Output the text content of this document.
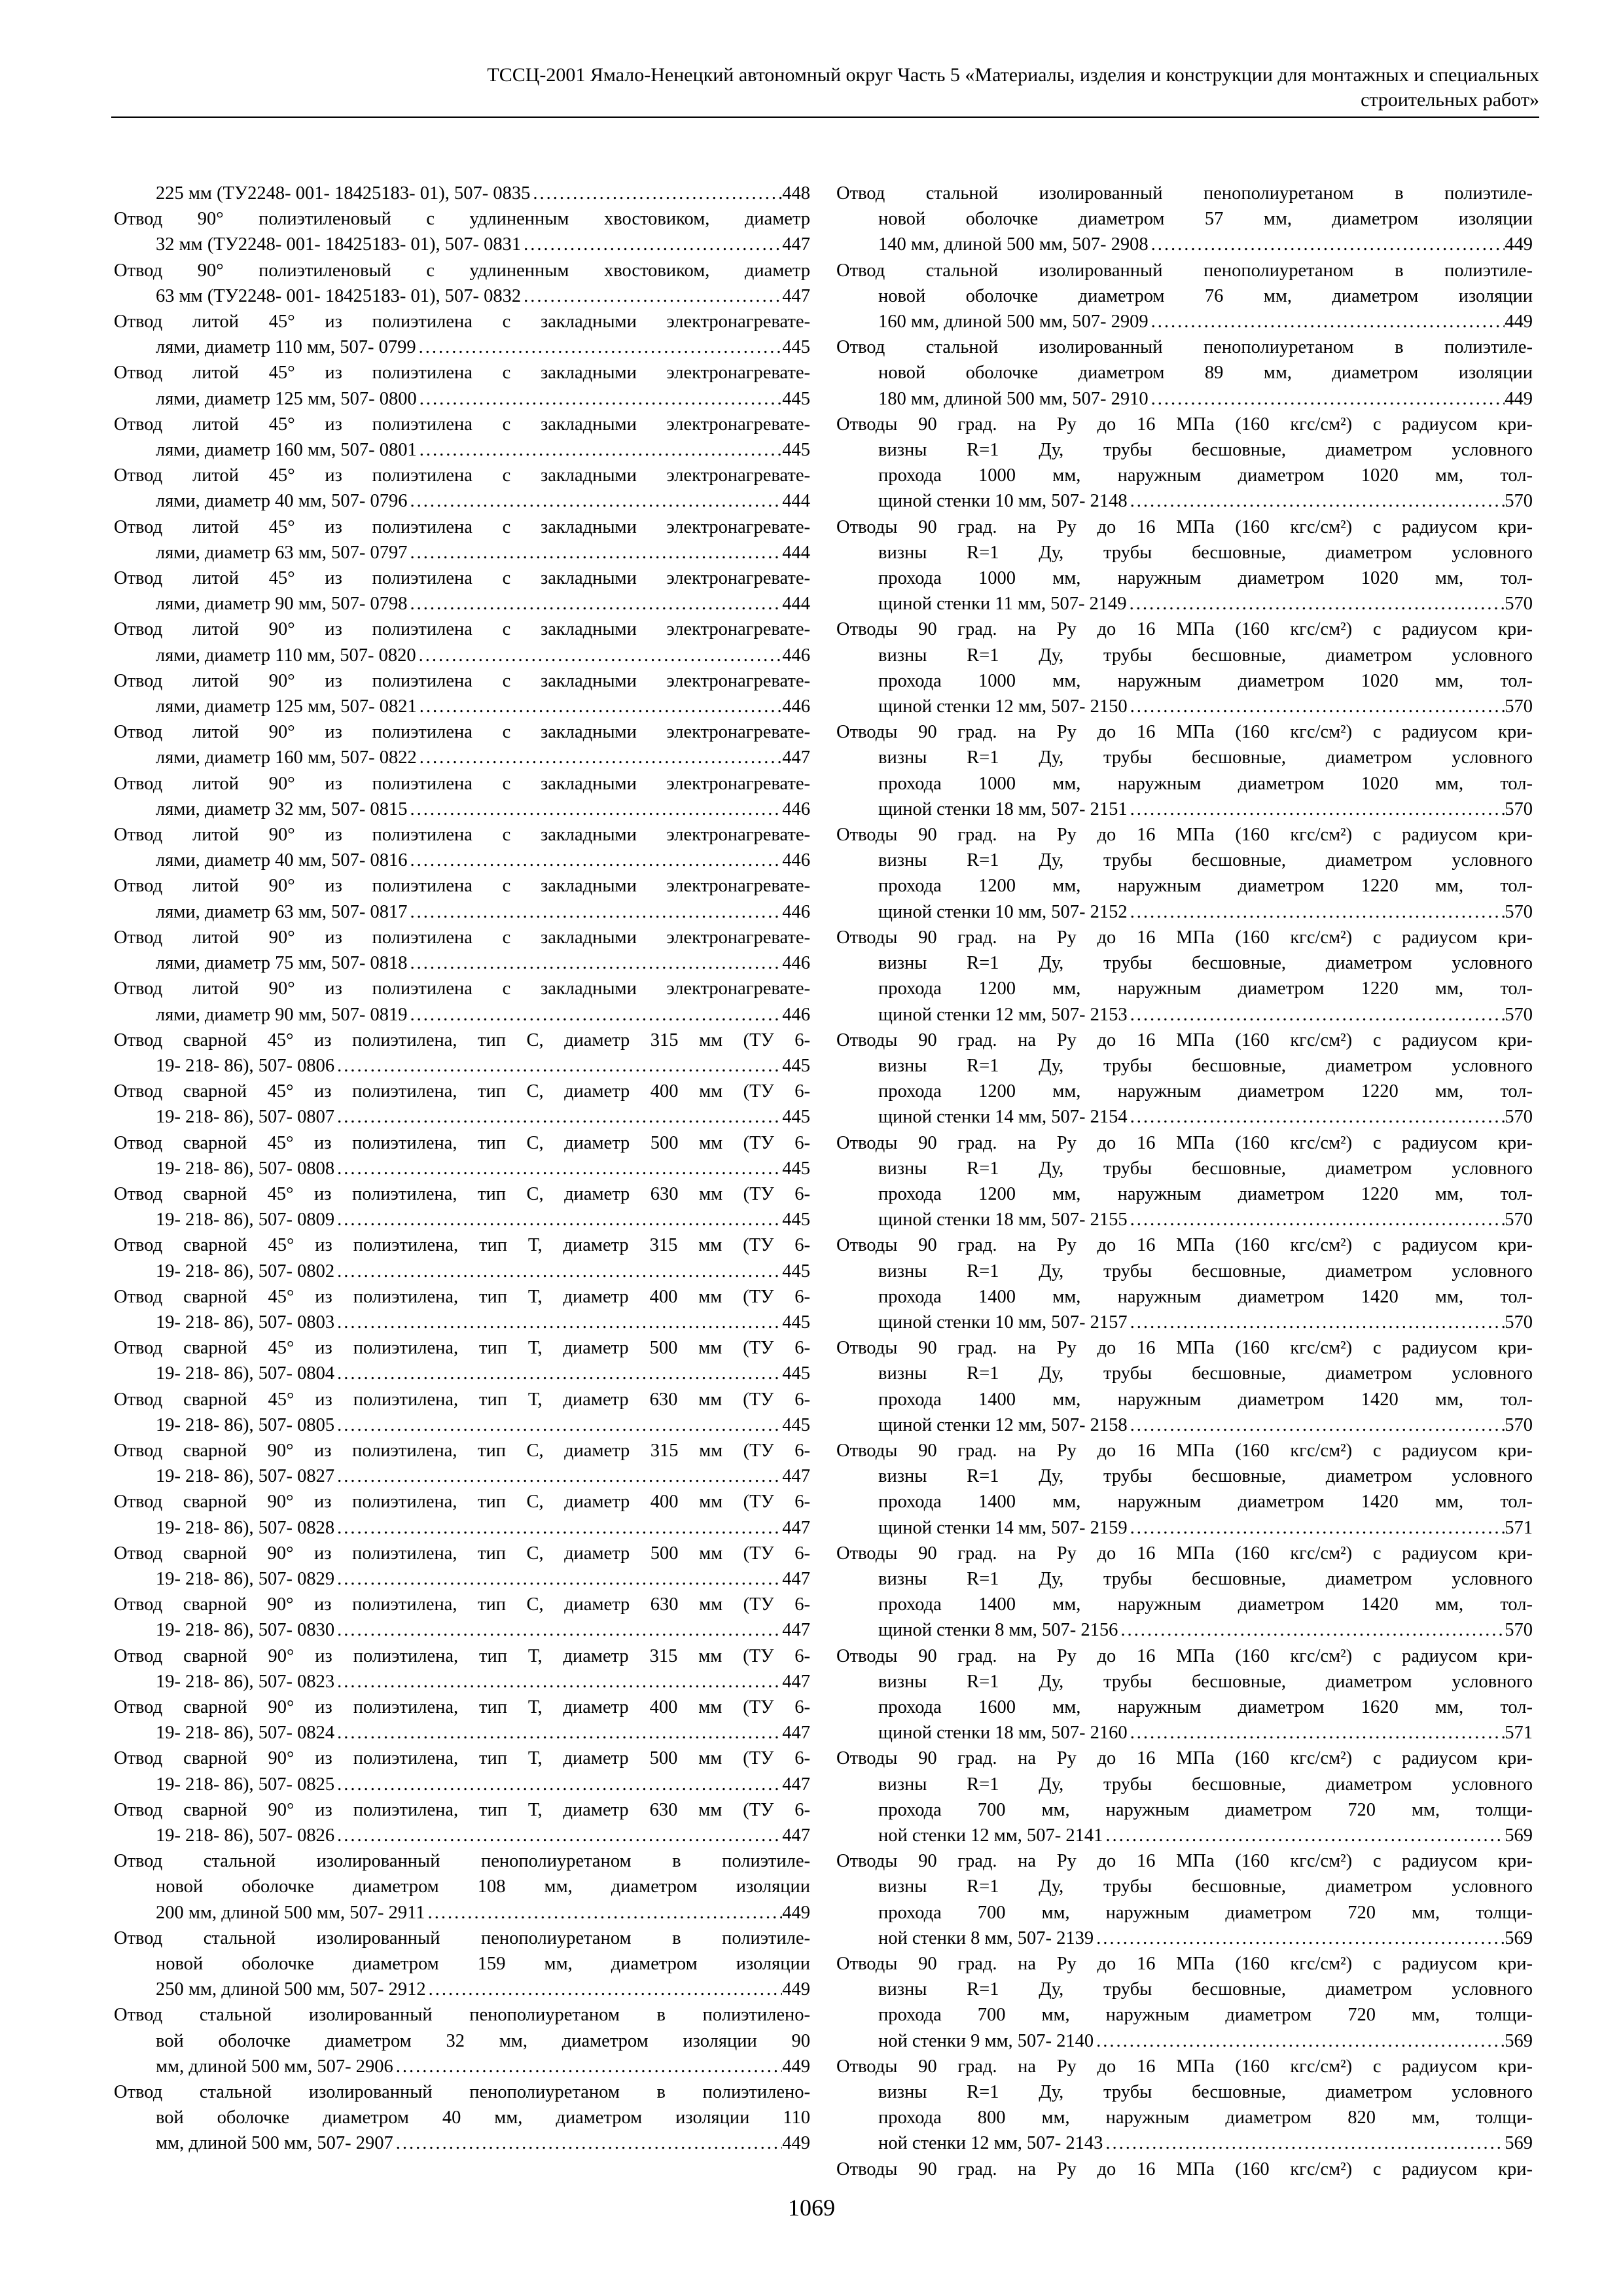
ТССЦ-2001 Ямало-Ненецкий автономный округ Часть 5 «Материалы, изделия и конструкции для монтажных и специальных
строительных работ»
225 мм (ТУ2248- 001- 18425183- 01), 507- 0835 .....	448
Отвод 90° полиэтиленовый с удлиненным хвостовиком, диаметр
32 мм (ТУ2248- 001- 18425183- 01), 507- 0831 .....	447
Отвод 90° полиэтиленовый с удлиненным хвостовиком, диаметр
63 мм (ТУ2248- 001- 18425183- 01), 507- 0832 .....	447
Отвод литой 45° из полиэтилена с закладными электронагревате-
лями, диаметр 110 мм, 507- 0799 .....	445
Отвод литой 45° из полиэтилена с закладными электронагревате-
лями, диаметр 125 мм, 507- 0800 .....	445
Отвод литой 45° из полиэтилена с закладными электронагревате-
лями, диаметр 160 мм, 507- 0801 .....	445
Отвод литой 45° из полиэтилена с закладными электронагревате-
лями, диаметр 40 мм, 507- 0796 .....	444
Отвод литой 45° из полиэтилена с закладными электронагревате-
лями, диаметр 63 мм, 507- 0797 .....	444
Отвод литой 45° из полиэтилена с закладными электронагревате-
лями, диаметр 90 мм, 507- 0798 .....	444
Отвод литой 90° из полиэтилена с закладными электронагревате-
лями, диаметр 110 мм, 507- 0820 .....	446
Отвод литой 90° из полиэтилена с закладными электронагревате-
лями, диаметр 125 мм, 507- 0821 .....	446
Отвод литой 90° из полиэтилена с закладными электронагревате-
лями, диаметр 160 мм, 507- 0822 .....	447
Отвод литой 90° из полиэтилена с закладными электронагревате-
лями, диаметр 32 мм, 507- 0815 .....	446
Отвод литой 90° из полиэтилена с закладными электронагревате-
лями, диаметр 40 мм, 507- 0816 .....	446
Отвод литой 90° из полиэтилена с закладными электронагревате-
лями, диаметр 63 мм, 507- 0817 .....	446
Отвод литой 90° из полиэтилена с закладными электронагревате-
лями, диаметр 75 мм, 507- 0818 .....	446
Отвод литой 90° из полиэтилена с закладными электронагревате-
лями, диаметр 90 мм, 507- 0819 .....	446
Отвод сварной 45° из полиэтилена, тип С, диаметр 315 мм (ТУ 6-
19- 218- 86), 507- 0806 .....	445
Отвод сварной 45° из полиэтилена, тип С, диаметр 400 мм (ТУ 6-
19- 218- 86), 507- 0807 .....	445
Отвод сварной 45° из полиэтилена, тип С, диаметр 500 мм (ТУ 6-
19- 218- 86), 507- 0808 .....	445
Отвод сварной 45° из полиэтилена, тип С, диаметр 630 мм (ТУ 6-
19- 218- 86), 507- 0809 .....	445
Отвод сварной 45° из полиэтилена, тип Т, диаметр 315 мм (ТУ 6-
19- 218- 86), 507- 0802 .....	445
Отвод сварной 45° из полиэтилена, тип Т, диаметр 400 мм (ТУ 6-
19- 218- 86), 507- 0803 .....	445
Отвод сварной 45° из полиэтилена, тип Т, диаметр 500 мм (ТУ 6-
19- 218- 86), 507- 0804 .....	445
Отвод сварной 45° из полиэтилена, тип Т, диаметр 630 мм (ТУ 6-
19- 218- 86), 507- 0805 .....	445
Отвод сварной 90° из полиэтилена, тип С, диаметр 315 мм (ТУ 6-
19- 218- 86), 507- 0827 .....	447
Отвод сварной 90° из полиэтилена, тип С, диаметр 400 мм (ТУ 6-
19- 218- 86), 507- 0828 .....	447
Отвод сварной 90° из полиэтилена, тип С, диаметр 500 мм (ТУ 6-
19- 218- 86), 507- 0829 .....	447
Отвод сварной 90° из полиэтилена, тип С, диаметр 630 мм (ТУ 6-
19- 218- 86), 507- 0830 .....	447
Отвод сварной 90° из полиэтилена, тип Т, диаметр 315 мм (ТУ 6-
19- 218- 86), 507- 0823 .....	447
Отвод сварной 90° из полиэтилена, тип Т, диаметр 400 мм (ТУ 6-
19- 218- 86), 507- 0824 .....	447
Отвод сварной 90° из полиэтилена, тип Т, диаметр 500 мм (ТУ 6-
19- 218- 86), 507- 0825 .....	447
Отвод сварной 90° из полиэтилена, тип Т, диаметр 630 мм (ТУ 6-
19- 218- 86), 507- 0826 .....	447
Отвод стальной изолированный пенополиуретаном в полиэтиле-
новой оболочке диаметром 108 мм, диаметром изоляции
200 мм, длиной 500 мм, 507- 2911 .....	449
Отвод стальной изолированный пенополиуретаном в полиэтиле-
новой оболочке диаметром 159 мм, диаметром изоляции
250 мм, длиной 500 мм, 507- 2912 .....	449
Отвод стальной изолированный пенополиуретаном в полиэтилено-
вой оболочке диаметром 32 мм, диаметром изоляции 90
мм, длиной 500 мм, 507- 2906 .....	449
Отвод стальной изолированный пенополиуретаном в полиэтилено-
вой оболочке диаметром 40 мм, диаметром изоляции 110
мм, длиной 500 мм, 507- 2907 .....	449
Отвод стальной изолированный пенополиуретаном в полиэтиле-
новой оболочке диаметром 57 мм, диаметром изоляции
140 мм, длиной 500 мм, 507- 2908 .....	449
Отвод стальной изолированный пенополиуретаном в полиэтиле-
новой оболочке диаметром 76 мм, диаметром изоляции
160 мм, длиной 500 мм, 507- 2909 .....	449
Отвод стальной изолированный пенополиуретаном в полиэтиле-
новой оболочке диаметром 89 мм, диаметром изоляции
180 мм, длиной 500 мм, 507- 2910 .....	449
Отводы 90 град. на Ру до 16 МПа (160 кгс/см²) с радиусом кри-
визны R=1 Ду, трубы бесшовные, диаметром условного
прохода 1000 мм, наружным диаметром 1020 мм, тол-
щиной стенки 10 мм, 507- 2148 .....	570
Отводы 90 град. на Ру до 16 МПа (160 кгс/см²) с радиусом кри-
визны R=1 Ду, трубы бесшовные, диаметром условного
прохода 1000 мм, наружным диаметром 1020 мм, тол-
щиной стенки 11 мм, 507- 2149 .....	570
Отводы 90 град. на Ру до 16 МПа (160 кгс/см²) с радиусом кри-
визны R=1 Ду, трубы бесшовные, диаметром условного
прохода 1000 мм, наружным диаметром 1020 мм, тол-
щиной стенки 12 мм, 507- 2150 .....	570
Отводы 90 град. на Ру до 16 МПа (160 кгс/см²) с радиусом кри-
визны R=1 Ду, трубы бесшовные, диаметром условного
прохода 1000 мм, наружным диаметром 1020 мм, тол-
щиной стенки 18 мм, 507- 2151 .....	570
Отводы 90 град. на Ру до 16 МПа (160 кгс/см²) с радиусом кри-
визны R=1 Ду, трубы бесшовные, диаметром условного
прохода 1200 мм, наружным диаметром 1220 мм, тол-
щиной стенки 10 мм, 507- 2152 .....	570
Отводы 90 град. на Ру до 16 МПа (160 кгс/см²) с радиусом кри-
визны R=1 Ду, трубы бесшовные, диаметром условного
прохода 1200 мм, наружным диаметром 1220 мм, тол-
щиной стенки 12 мм, 507- 2153 .....	570
Отводы 90 град. на Ру до 16 МПа (160 кгс/см²) с радиусом кри-
визны R=1 Ду, трубы бесшовные, диаметром условного
прохода 1200 мм, наружным диаметром 1220 мм, тол-
щиной стенки 14 мм, 507- 2154 .....	570
Отводы 90 град. на Ру до 16 МПа (160 кгс/см²) с радиусом кри-
визны R=1 Ду, трубы бесшовные, диаметром условного
прохода 1200 мм, наружным диаметром 1220 мм, тол-
щиной стенки 18 мм, 507- 2155 .....	570
Отводы 90 град. на Ру до 16 МПа (160 кгс/см²) с радиусом кри-
визны R=1 Ду, трубы бесшовные, диаметром условного
прохода 1400 мм, наружным диаметром 1420 мм, тол-
щиной стенки 10 мм, 507- 2157 .....	570
Отводы 90 град. на Ру до 16 МПа (160 кгс/см²) с радиусом кри-
визны R=1 Ду, трубы бесшовные, диаметром условного
прохода 1400 мм, наружным диаметром 1420 мм, тол-
щиной стенки 12 мм, 507- 2158 .....	570
Отводы 90 град. на Ру до 16 МПа (160 кгс/см²) с радиусом кри-
визны R=1 Ду, трубы бесшовные, диаметром условного
прохода 1400 мм, наружным диаметром 1420 мм, тол-
щиной стенки 14 мм, 507- 2159 .....	571
Отводы 90 град. на Ру до 16 МПа (160 кгс/см²) с радиусом кри-
визны R=1 Ду, трубы бесшовные, диаметром условного
прохода 1400 мм, наружным диаметром 1420 мм, тол-
щиной стенки 8 мм, 507- 2156 .....	570
Отводы 90 град. на Ру до 16 МПа (160 кгс/см²) с радиусом кри-
визны R=1 Ду, трубы бесшовные, диаметром условного
прохода 1600 мм, наружным диаметром 1620 мм, тол-
щиной стенки 18 мм, 507- 2160 .....	571
Отводы 90 град. на Ру до 16 МПа (160 кгс/см²) с радиусом кри-
визны R=1 Ду, трубы бесшовные, диаметром условного
прохода 700 мм, наружным диаметром 720 мм, толщи-
ной стенки 12 мм, 507- 2141 .....	569
Отводы 90 град. на Ру до 16 МПа (160 кгс/см²) с радиусом кри-
визны R=1 Ду, трубы бесшовные, диаметром условного
прохода 700 мм, наружным диаметром 720 мм, толщи-
ной стенки 8 мм, 507- 2139 .....	569
Отводы 90 град. на Ру до 16 МПа (160 кгс/см²) с радиусом кри-
визны R=1 Ду, трубы бесшовные, диаметром условного
прохода 700 мм, наружным диаметром 720 мм, толщи-
ной стенки 9 мм, 507- 2140 .....	569
Отводы 90 град. на Ру до 16 МПа (160 кгс/см²) с радиусом кри-
визны R=1 Ду, трубы бесшовные, диаметром условного
прохода 800 мм, наружным диаметром 820 мм, толщи-
ной стенки 12 мм, 507- 2143 .....	569
Отводы 90 град. на Ру до 16 МПа (160 кгс/см²) с радиусом кри-
1069
